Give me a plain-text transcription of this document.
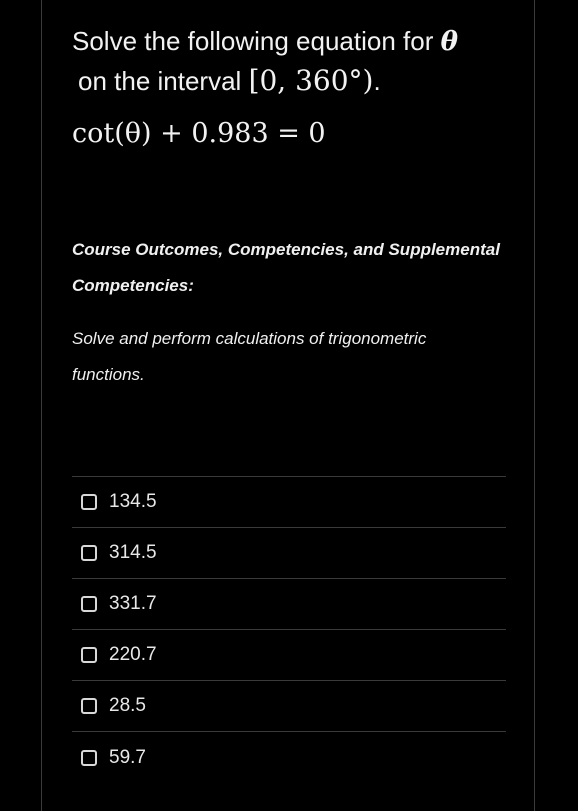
Solve the following equation for θ
on the interval [0, 360°).
cot(θ) + 0.983 = 0
Course Outcomes, Competencies, and Supplemental Competencies:
Solve and perform calculations of trigonometric functions.
134.5
314.5
331.7
220.7
28.5
59.7
